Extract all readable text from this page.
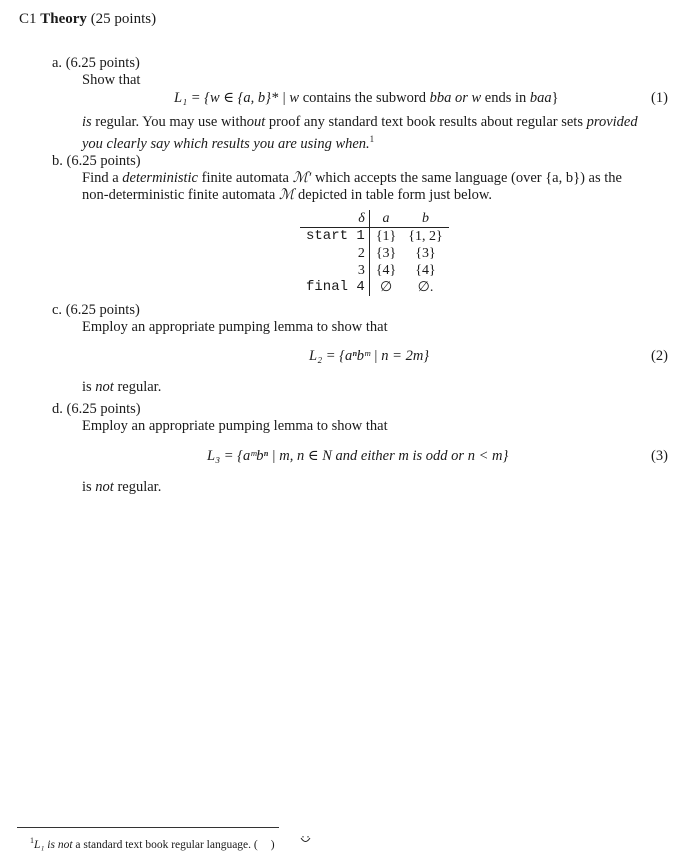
C1 Theory (25 points)
a. (6.25 points)
Show that
L₁ = {w ∈ {a, b}* | w contains the subword bba or w ends in baa}	(1)
is regular. You may use without proof any standard text book results about regular sets provided
you clearly say which results you are using when.$^1$
b. (6.25 points)
Find a deterministic finite automata ℳ′ which accepts the same language (over {a, b}) as the
non-deterministic finite automata ℳ depicted in table form just below.
δ	a	b
start 1	{1}	{1, 2}
2	{3}	{3}
3	{4}	{4}
final 4	∅	∅.
c. (6.25 points)
Employ an appropriate pumping lemma to show that
L₂ = {aⁿbᵐ | n = 2m}	(2)
is not regular.
d. (6.25 points)
Employ an appropriate pumping lemma to show that
L₃ = {aᵐbⁿ | m, n ∈ N and either m is odd or n < m}	(3)
is not regular.
$^1$L₁ is not a standard text book regular language. ( )
